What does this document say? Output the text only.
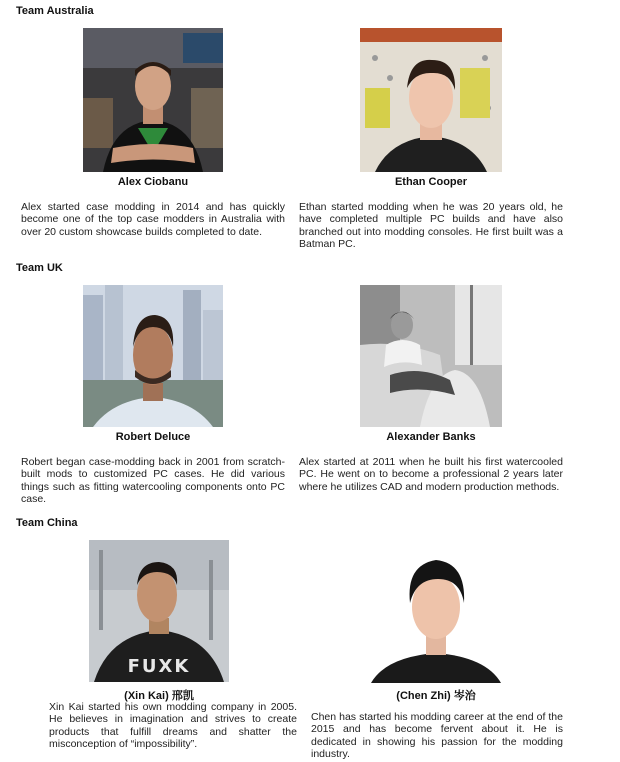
Team Australia
Alex Ciobanu

Alex started case modding in 2014 and has quickly become one of the top case modders in Australia with over 20 custom showcase builds completed to date.

Ethan Cooper

Ethan started modding when he was 20 years old, he have completed multiple PC builds and have also branched out into modding consoles. He first built was a Batman PC.

Team UK
Robert Deluce

Robert began case-modding back in 2001 from scratch-built mods to customized PC cases. He did various things such as fitting watercooling components onto PC case.

Alexander Banks

Alex started at 2011 when he built his first watercooled PC. He went on to become a professional 2 years later where he utilizes CAD and modern production methods.

Team China
FUXK
(Xin Kai) 邢凯

Xin Kai started his own modding company in 2005. He believes in imagination and strives to create products that fulfill dreams and shatter the misconception of “impossibility”.

(Chen Zhi) 岑治

Chen has started his modding career at the end of the 2015 and has become fervent about it. He is dedicated in showing his passion for the modding industry.
